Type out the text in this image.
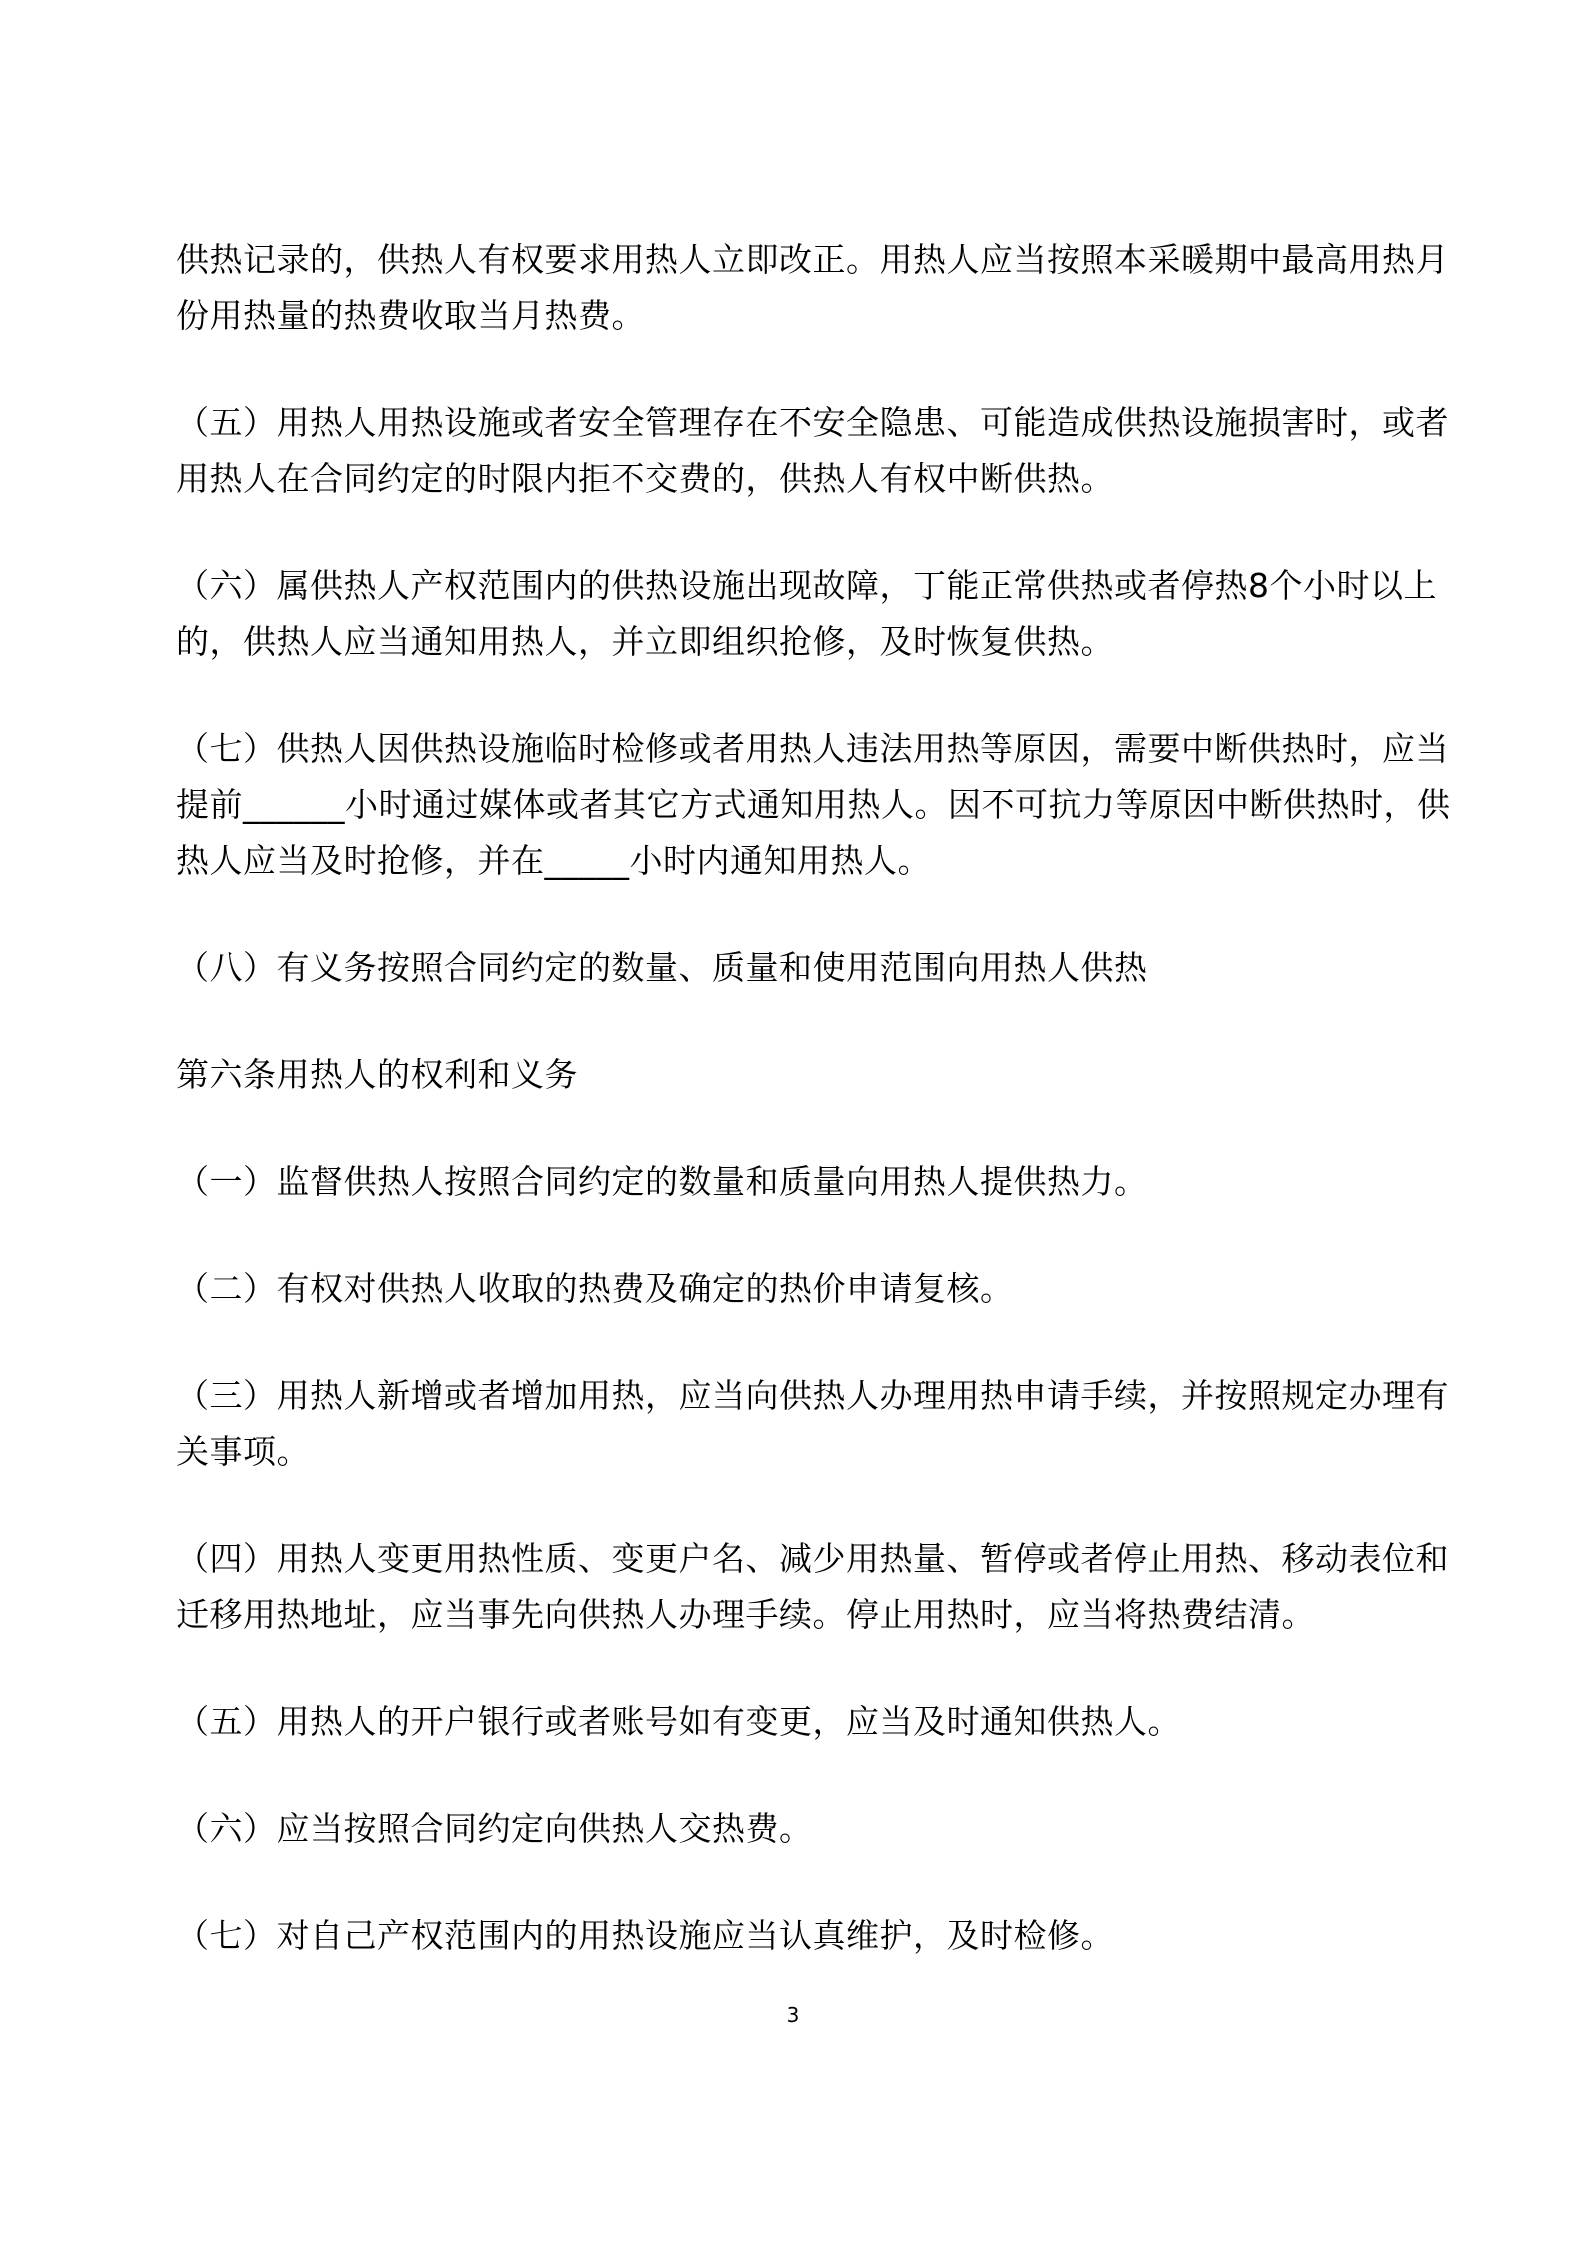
供热记录的，供热人有权要求用热人立即改正。用热人应当按照本采暖期中最高用热月份用热量的热费收取当月热费。

（五）用热人用热设施或者安全管理存在不安全隐患、可能造成供热设施损害时，或者用热人在合同约定的时限内拒不交费的，供热人有权中断供热。

（六）属供热人产权范围内的供热设施出现故障，丁能正常供热或者停热8个小时以上的，供热人应当通知用热人，并立即组织抢修，及时恢复供热。

（七）供热人因供热设施临时检修或者用热人违法用热等原因，需要中断供热时，应当提前______小时通过媒体或者其它方式通知用热人。因不可抗力等原因中断供热时，供热人应当及时抢修，并在_____小时内通知用热人。

（八）有义务按照合同约定的数量、质量和使用范围向用热人供热

第六条用热人的权利和义务

（一）监督供热人按照合同约定的数量和质量向用热人提供热力。

（二）有权对供热人收取的热费及确定的热价申请复核。

（三）用热人新增或者增加用热，应当向供热人办理用热申请手续，并按照规定办理有关事项。

（四）用热人变更用热性质、变更户名、减少用热量、暂停或者停止用热、移动表位和迁移用热地址，应当事先向供热人办理手续。停止用热时，应当将热费结清。

（五）用热人的开户银行或者账号如有变更，应当及时通知供热人。

（六）应当按照合同约定向供热人交热费。

（七）对自己产权范围内的用热设施应当认真维护，及时检修。

3
